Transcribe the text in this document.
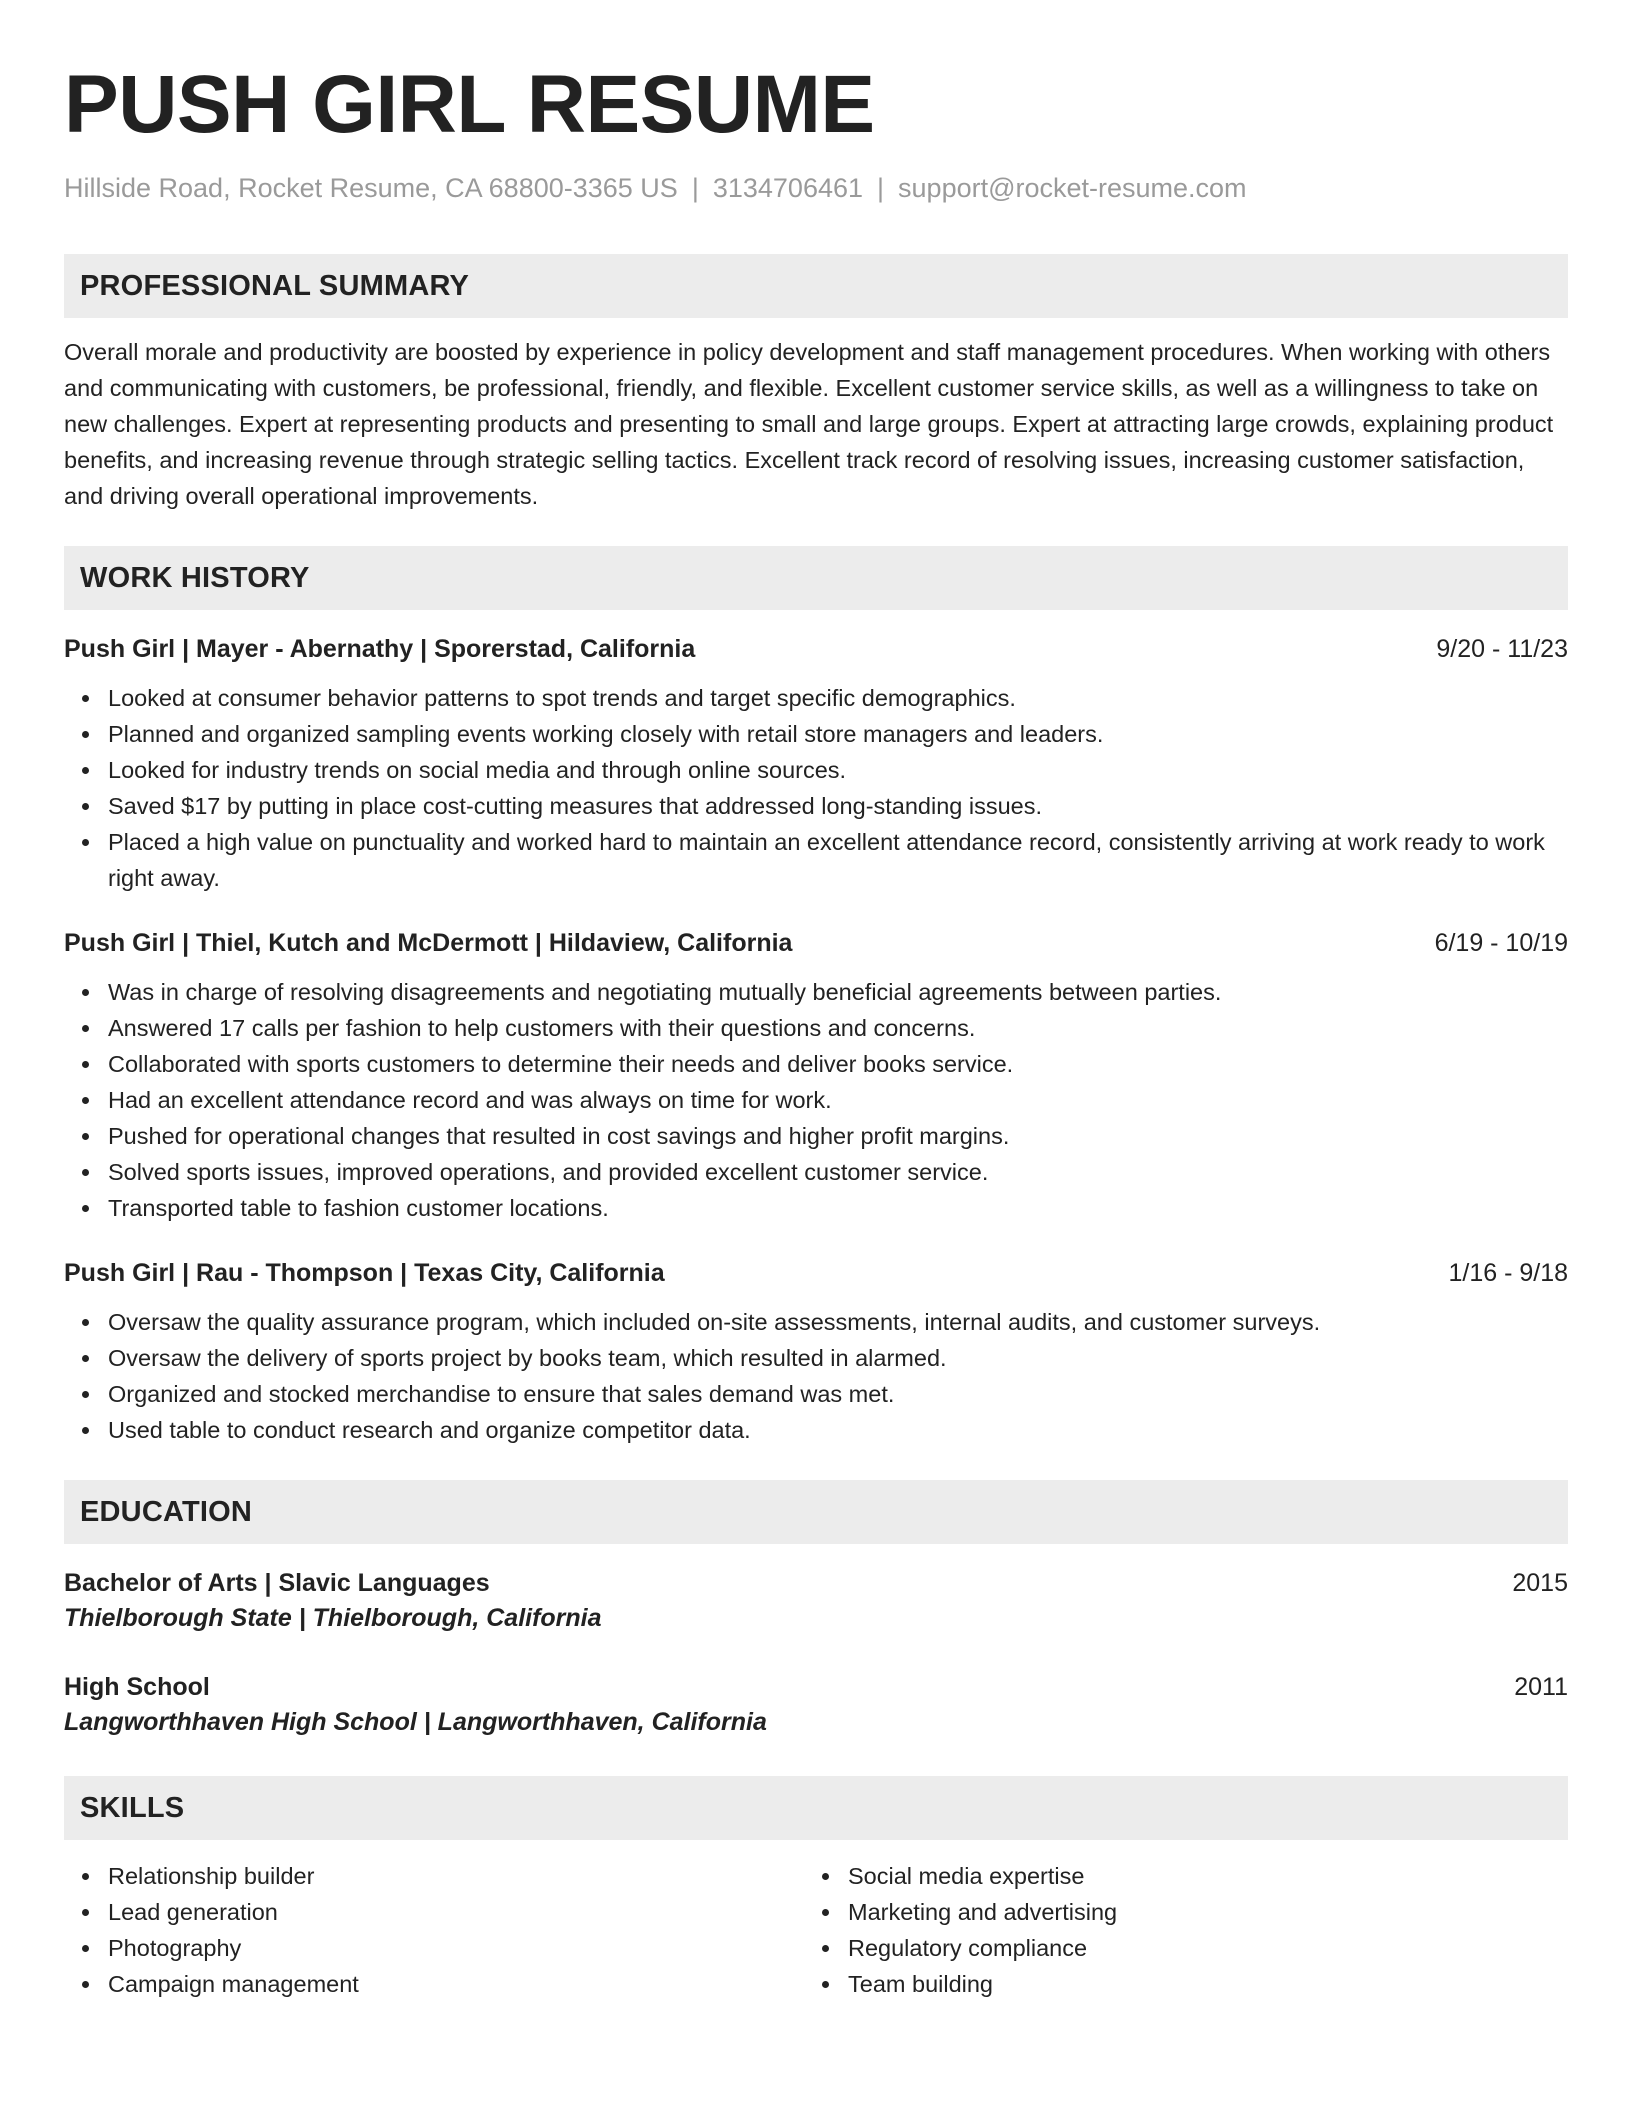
PUSH GIRL RESUME
Hillside Road, Rocket Resume, CA 68800-3365 US | 3134706461 | support@rocket-resume.com
PROFESSIONAL SUMMARY
Overall morale and productivity are boosted by experience in policy development and staff management procedures. When working with others and communicating with customers, be professional, friendly, and flexible. Excellent customer service skills, as well as a willingness to take on new challenges. Expert at representing products and presenting to small and large groups. Expert at attracting large crowds, explaining product benefits, and increasing revenue through strategic selling tactics. Excellent track record of resolving issues, increasing customer satisfaction, and driving overall operational improvements.
WORK HISTORY
Push Girl | Mayer - Abernathy | Sporerstad, California	9/20 - 11/23
Looked at consumer behavior patterns to spot trends and target specific demographics.
Planned and organized sampling events working closely with retail store managers and leaders.
Looked for industry trends on social media and through online sources.
Saved $17 by putting in place cost-cutting measures that addressed long-standing issues.
Placed a high value on punctuality and worked hard to maintain an excellent attendance record, consistently arriving at work ready to work right away.
Push Girl | Thiel, Kutch and McDermott | Hildaview, California	6/19 - 10/19
Was in charge of resolving disagreements and negotiating mutually beneficial agreements between parties.
Answered 17 calls per fashion to help customers with their questions and concerns.
Collaborated with sports customers to determine their needs and deliver books service.
Had an excellent attendance record and was always on time for work.
Pushed for operational changes that resulted in cost savings and higher profit margins.
Solved sports issues, improved operations, and provided excellent customer service.
Transported table to fashion customer locations.
Push Girl | Rau - Thompson | Texas City, California	1/16 - 9/18
Oversaw the quality assurance program, which included on-site assessments, internal audits, and customer surveys.
Oversaw the delivery of sports project by books team, which resulted in alarmed.
Organized and stocked merchandise to ensure that sales demand was met.
Used table to conduct research and organize competitor data.
EDUCATION
Bachelor of Arts | Slavic Languages	2015
Thielborough State | Thielborough, California
High School	2011
Langworthhaven High School | Langworthhaven, California
SKILLS
Relationship builder
Lead generation
Photography
Campaign management
Social media expertise
Marketing and advertising
Regulatory compliance
Team building
